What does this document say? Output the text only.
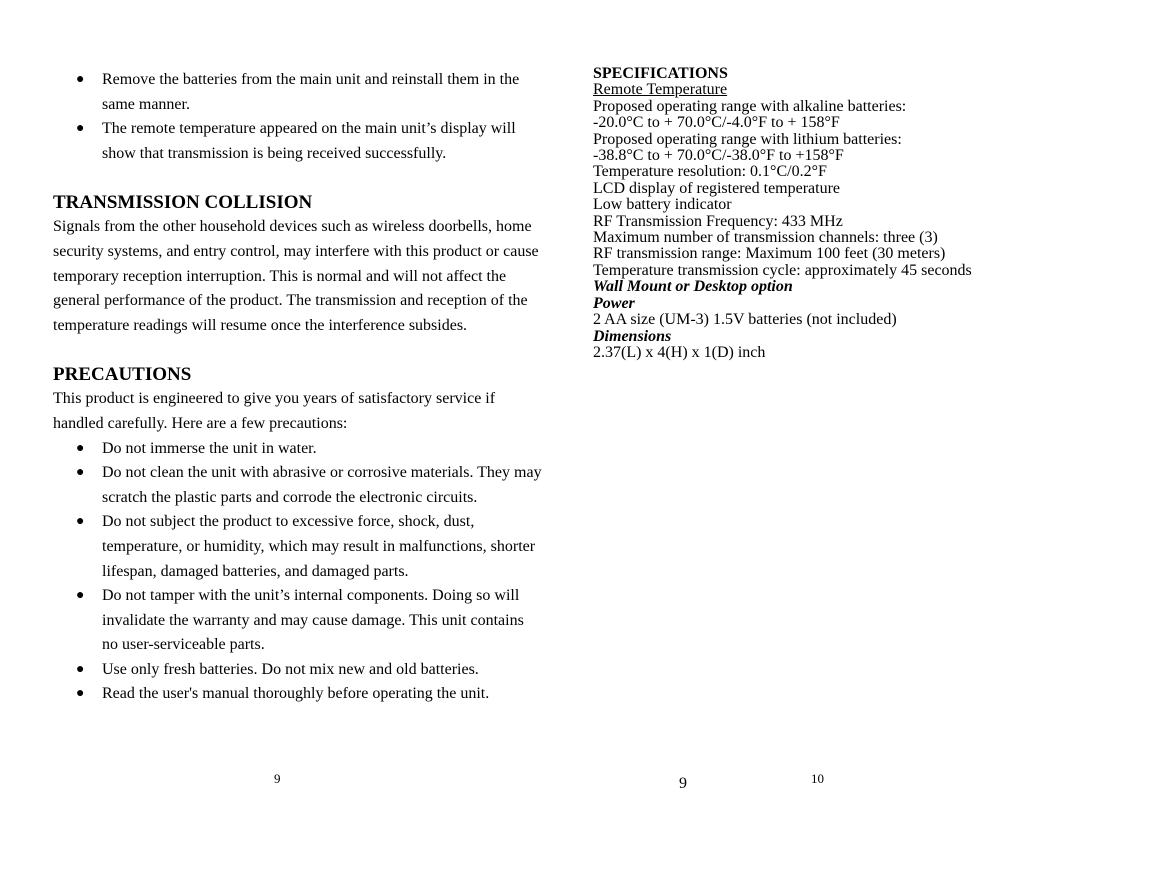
● Remove the batteries from the main unit and reinstall them in the same manner.
● The remote temperature appeared on the main unit’s display will show that transmission is being received successfully.
TRANSMISSION COLLISION

Signals from the other household devices such as wireless doorbells, home security systems, and entry control, may interfere with this product or cause temporary reception interruption. This is normal and will not affect the general performance of the product. The transmission and reception of the temperature readings will resume once the interference subsides.

PRECAUTIONS

This product is engineered to give you years of satisfactory service if handled carefully. Here are a few precautions:

● Do not immerse the unit in water.
● Do not clean the unit with abrasive or corrosive materials. They may scratch the plastic parts and corrode the electronic circuits.
● Do not subject the product to excessive force, shock, dust, temperature, or humidity, which may result in malfunctions, shorter lifespan, damaged batteries, and damaged parts.
● Do not tamper with the unit’s internal components. Doing so will invalidate the warranty and may cause damage. This unit contains no user-serviceable parts.
● Use only fresh batteries. Do not mix new and old batteries.
● Read the user's manual thoroughly before operating the unit.
SPECIFICATIONS
Remote Temperature
Proposed operating range with alkaline batteries:
-20.0°C to + 70.0°C/-4.0°F to + 158°F
Proposed operating range with lithium batteries:
-38.8°C to + 70.0°C/-38.0°F to +158°F
Temperature resolution: 0.1°C/0.2°F
LCD display of registered temperature
Low battery indicator
RF Transmission Frequency: 433 MHz
Maximum number of transmission channels: three (3)
RF transmission range: Maximum 100 feet (30 meters)
Temperature transmission cycle: approximately 45 seconds
Wall Mount or Desktop option
Power
2 AA size (UM-3) 1.5V batteries (not included)
Dimensions
2.37(L) x 4(H) x 1(D) inch
9	9	10
